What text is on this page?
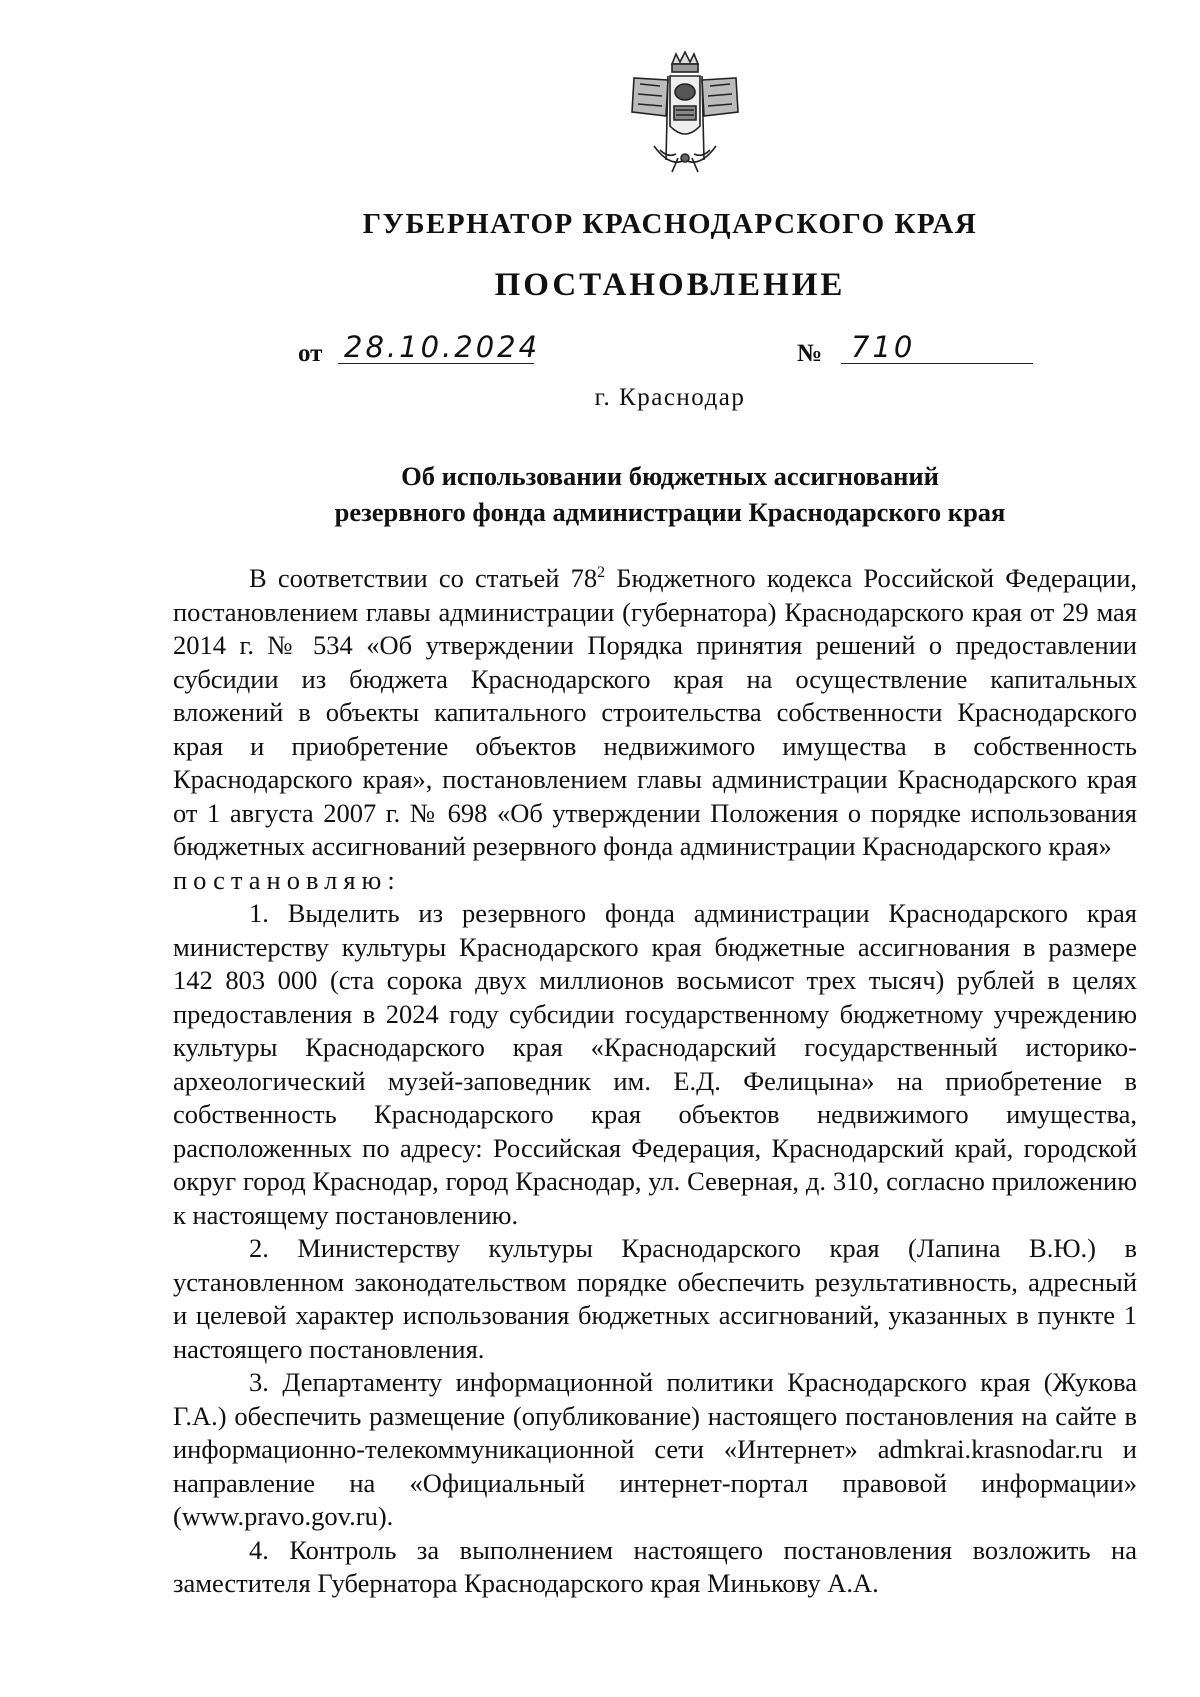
ГУБЕРНАТОР КРАСНОДАРСКОГО КРАЯ
ПОСТАНОВЛЕНИЕ
от 28.10.2024	№ 710
г. Краснодар
Об использовании бюджетных ассигнований
резервного фонда администрации Краснодарского края

В соответствии со статьей $78^2$ Бюджетного кодекса Российской Федерации, постановлением главы администрации (губернатора) Краснодарского края от 29 мая 2014 г. № 534 «Об утверждении Порядка принятия решений о предоставлении субсидии из бюджета Краснодарского края на осуществление капитальных вложений в объекты капитального строительства собственности Краснодарского края и приобретение объектов недвижимого имущества в собственность Краснодарского края», постановлением главы администрации Краснодарского края от 1 августа 2007 г. № 698 «Об утверждении Положения о порядке использования бюджетных ассигнований резервного фонда администрации Краснодарского края»

постановляю:

1. Выделить из резервного фонда администрации Краснодарского края министерству культуры Краснодарского края бюджетные ассигнования в размере 142 803 000 (ста сорока двух миллионов восьмисот трех тысяч) рублей в целях предоставления в 2024 году субсидии государственному бюджетному учреждению культуры Краснодарского края «Краснодарский государственный историко-археологический музей-заповедник им. Е.Д. Фелицына» на приобретение в собственность Краснодарского края объектов недвижимого имущества, расположенных по адресу: Российская Федерация, Краснодарский край, городской округ город Краснодар, город Краснодар, ул. Северная, д. 310, согласно приложению к настоящему постановлению.

2. Министерству культуры Краснодарского края (Лапина В.Ю.) в установленном законодательством порядке обеспечить результативность, адресный и целевой характер использования бюджетных ассигнований, указанных в пункте 1 настоящего постановления.

3. Департаменту информационной политики Краснодарского края (Жукова Г.А.) обеспечить размещение (опубликование) настоящего постановления на сайте в информационно-телекоммуникационной сети «Интернет» admkrai.krasnodar.ru и направление на «Официальный интернет-портал правовой информации» (www.pravo.gov.ru).

4. Контроль за выполнением настоящего постановления возложить на заместителя Губернатора Краснодарского края Минькову А.А.
